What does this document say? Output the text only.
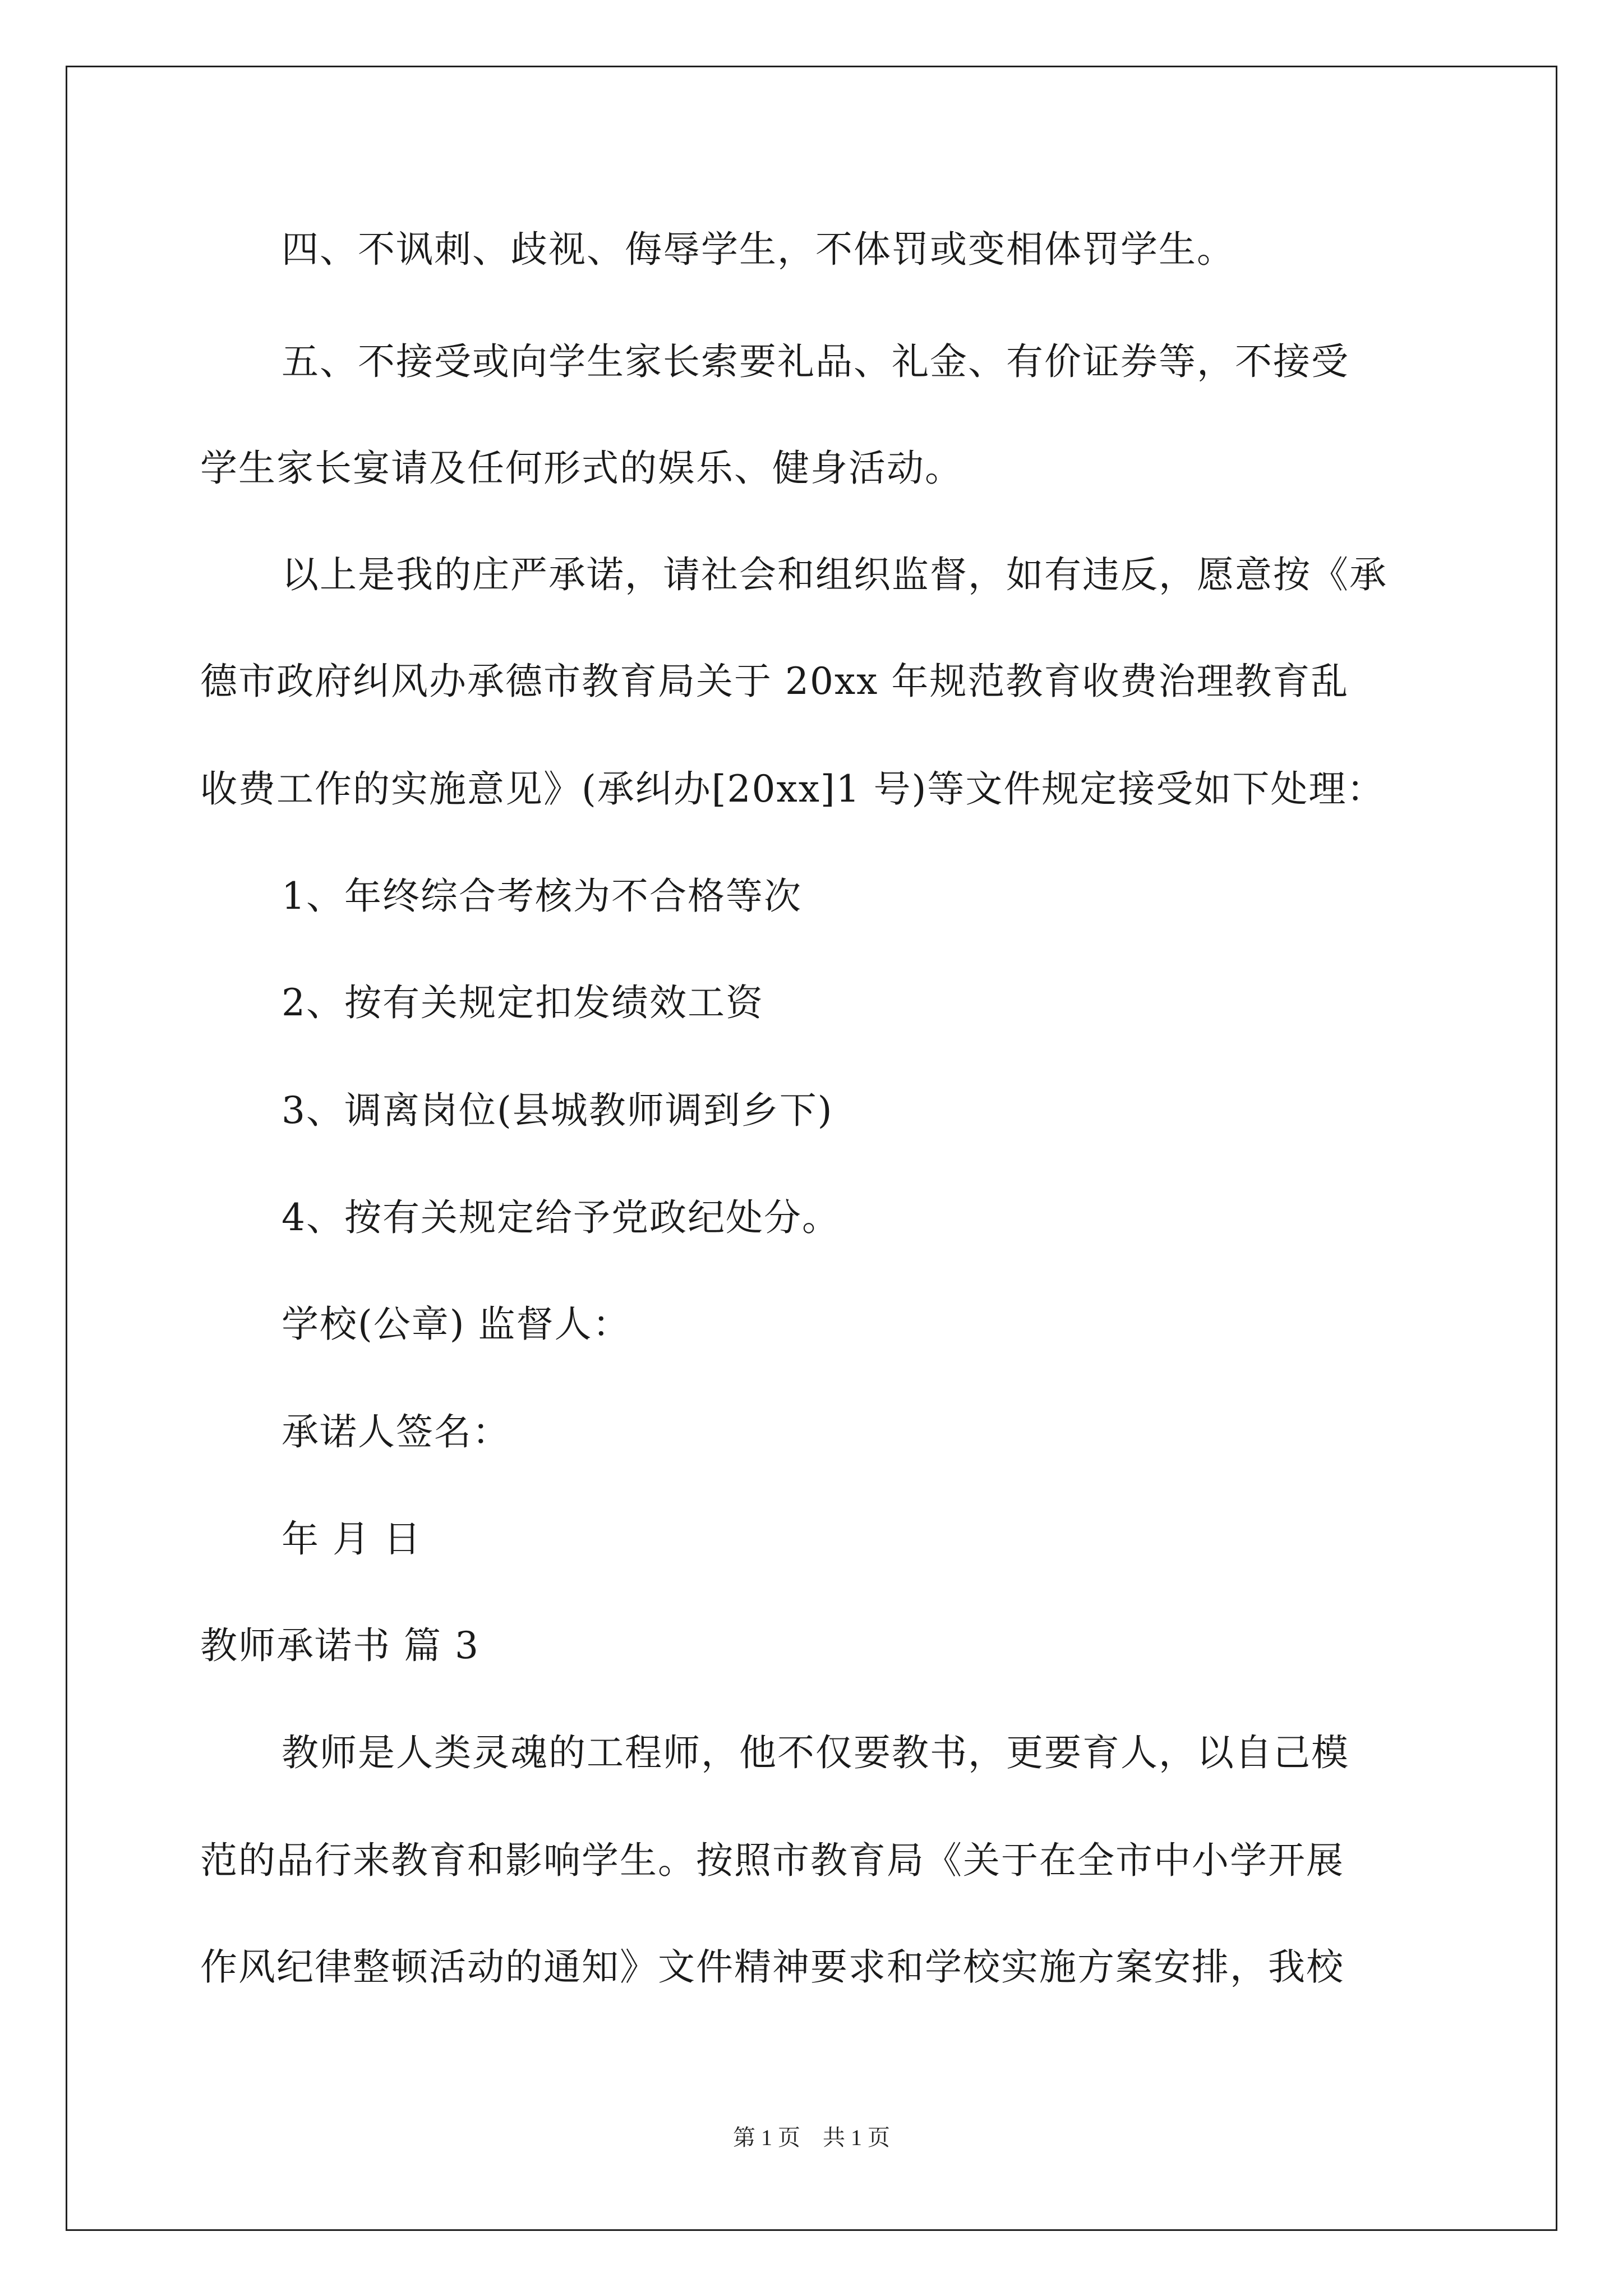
四、不讽刺、歧视、侮辱学生，不体罚或变相体罚学生。
五、不接受或向学生家长索要礼品、礼金、有价证券等，不接受
学生家长宴请及任何形式的娱乐、健身活动。
以上是我的庄严承诺，请社会和组织监督，如有违反，愿意按《承
德市政府纠风办承德市教育局关于 20xx 年规范教育收费治理教育乱
收费工作的实施意见》(承纠办[20xx]1 号)等文件规定接受如下处理：
1、年终综合考核为不合格等次
2、按有关规定扣发绩效工资
3、调离岗位(县城教师调到乡下)
4、按有关规定给予党政纪处分。
学校(公章) 监督人：
承诺人签名：
年 月 日
教师承诺书 篇 3
教师是人类灵魂的工程师，他不仅要教书，更要育人，以自己模
范的品行来教育和影响学生。按照市教育局《关于在全市中小学开展
作风纪律整顿活动的通知》文件精神要求和学校实施方案安排，我校
第 1 页　共 1 页
